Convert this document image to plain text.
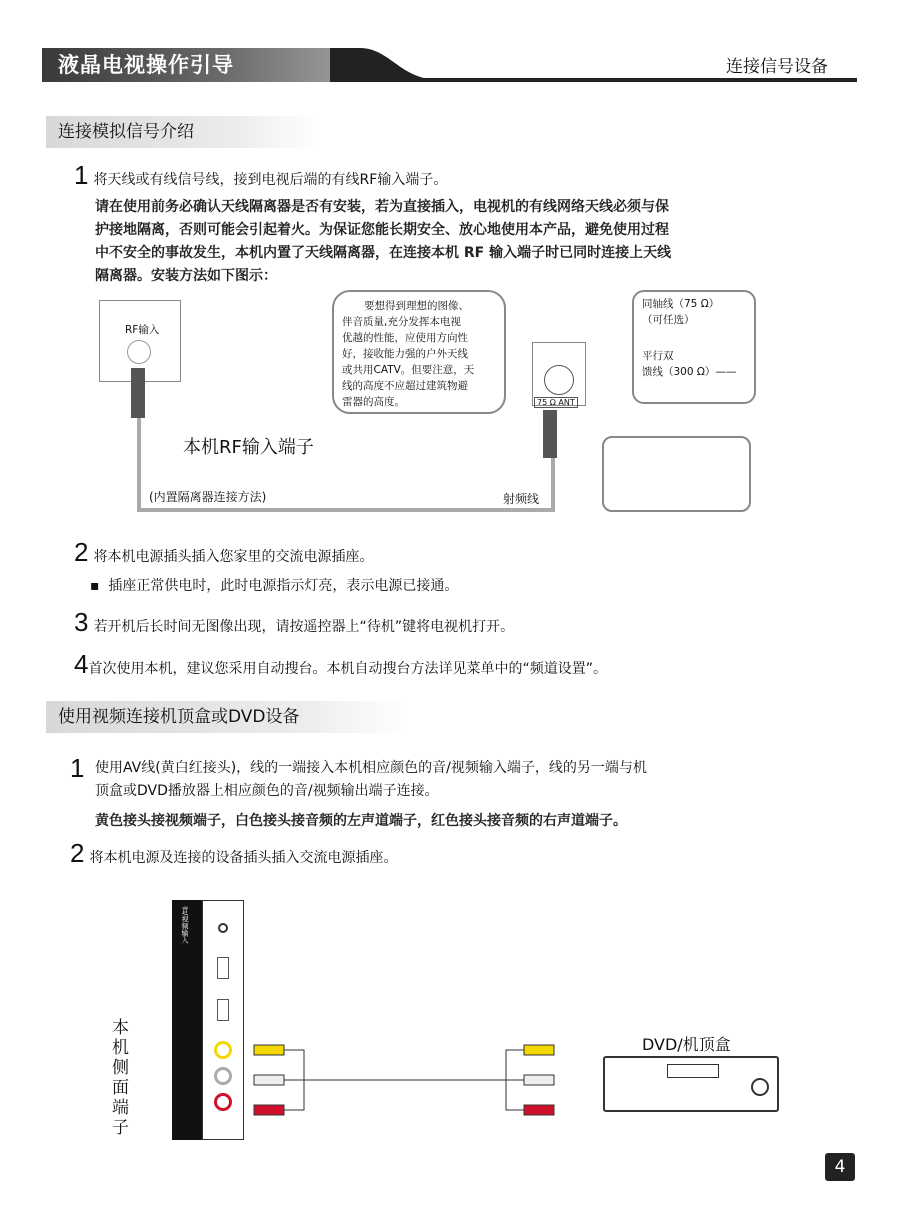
液晶电视操作引导	连接信号设备
连接模拟信号介绍
1 将天线或有线信号线，接到电视后端的有线RF输入端子。
请在使用前务必确认天线隔离器是否有安装，若为直接插入，电视机的有线网络天线必须与保
护接地隔离，否则可能会引起着火。为保证您能长期安全、放心地使用本产品，避免使用过程
中不安全的事故发生，本机内置了天线隔离器，在连接本机 RF 输入端子时已同时连接上天线
隔离器。安装方法如下图示：
RF输入
本机RF输入端子
(内置隔离器连接方法)	射频线
要想得到理想的图像、
伴音质量,充分发挥本电视
优越的性能，应使用方向性
好，接收能力强的户外天线
或共用CATV。但要注意，天
线的高度不应超过建筑物避
雷器的高度。	75 Ω ANT
同轴线（75 Ω）
（可任选）
平行双
馈线（300 Ω）——
2 将本机电源插头插入您家里的交流电源插座。
▪  插座正常供电时，此时电源指示灯亮，表示电源已接通。
3 若开机后长时间无图像出现，请按遥控器上“待机”键将电视机打开。
4首次使用本机，建议您采用自动搜台。本机自动搜台方法详见菜单中的“频道设置”。
使用视频连接机顶盒或DVD设备
1 使用AV线(黄白红接头)，线的一端接入本机相应颜色的音/视频输入端子，线的另一端与机
顶盒或DVD播放器上相应颜色的音/视频输出端子连接。
黄色接头接视频端子，白色接头接音频的左声道端子，红色接头接音频的右声道端子。
2 将本机电源及连接的设备插头插入交流电源插座。
本机侧面端子
音/视频输出
USB2.0 5.0V 500mA
USB2.0 5.0V 500mA
视频
左声道
右声道
音/视频输入
DVD/机顶盒
4
